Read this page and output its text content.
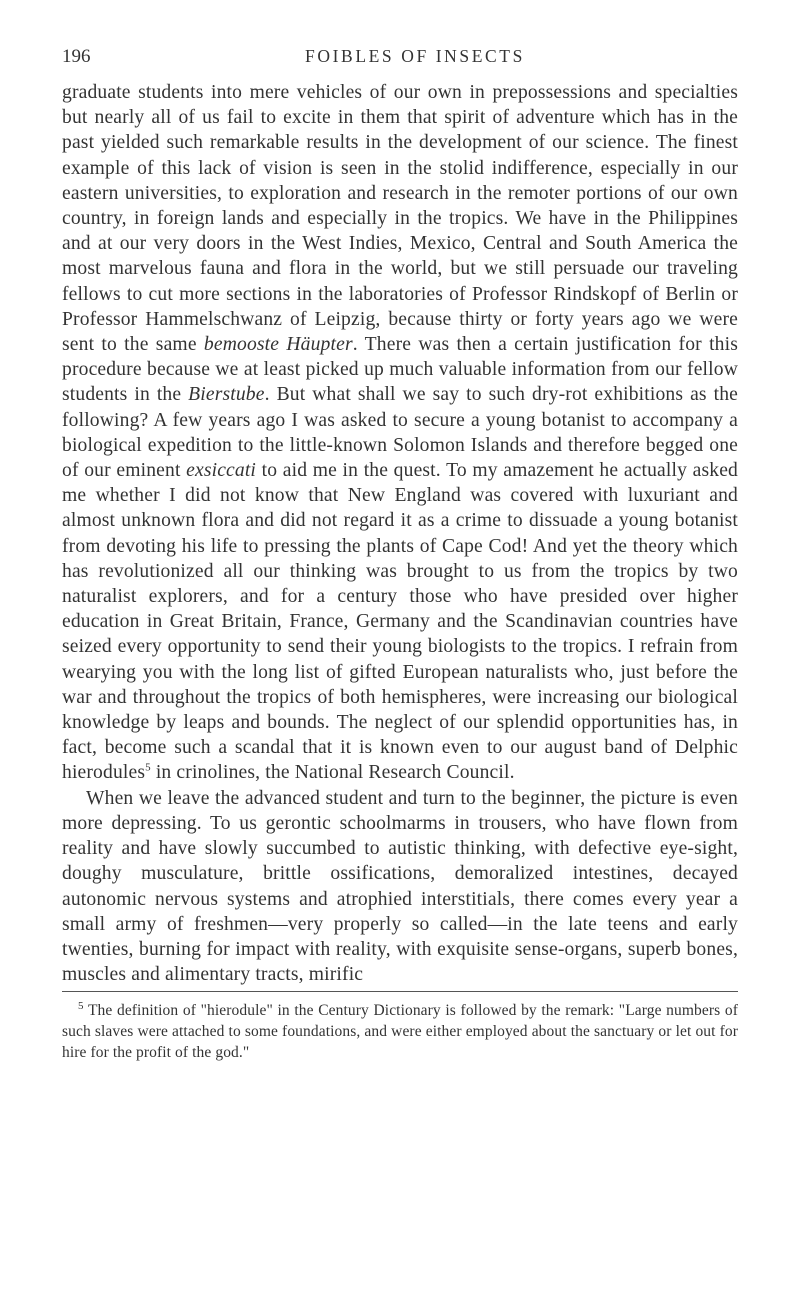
196	FOIBLES OF INSECTS

graduate students into mere vehicles of our own in prepossessions and specialties but nearly all of us fail to excite in them that spirit of adventure which has in the past yielded such remarkable results in the development of our science. The finest example of this lack of vision is seen in the stolid indifference, especially in our eastern universities, to exploration and research in the remoter portions of our own country, in foreign lands and especially in the tropics. We have in the Philippines and at our very doors in the West Indies, Mexico, Central and South America the most marvelous fauna and flora in the world, but we still persuade our traveling fellows to cut more sections in the laboratories of Professor Rindskopf of Berlin or Professor Hammelschwanz of Leipzig, because thirty or forty years ago we were sent to the same bemooste Häupter. There was then a certain justification for this procedure because we at least picked up much valuable information from our fellow students in the Bierstube. But what shall we say to such dry-rot exhibitions as the following? A few years ago I was asked to secure a young botanist to accompany a biological expedition to the little-known Solomon Islands and therefore begged one of our eminent exsiccati to aid me in the quest. To my amazement he actually asked me whether I did not know that New England was covered with luxuriant and almost unknown flora and did not regard it as a crime to dissuade a young botanist from devoting his life to pressing the plants of Cape Cod! And yet the theory which has revolutionized all our thinking was brought to us from the tropics by two naturalist explorers, and for a century those who have presided over higher education in Great Britain, France, Germany and the Scandinavian countries have seized every opportunity to send their young biologists to the tropics. I refrain from wearying you with the long list of gifted European naturalists who, just before the war and throughout the tropics of both hemispheres, were increasing our biological knowledge by leaps and bounds. The neglect of our splendid opportunities has, in fact, become such a scandal that it is known even to our august band of Delphic hierodules$^5$ in crinolines, the National Research Council.

When we leave the advanced student and turn to the beginner, the picture is even more depressing. To us gerontic schoolmarms in trousers, who have flown from reality and have slowly succumbed to autistic thinking, with defective eye-sight, doughy musculature, brittle ossifications, demoralized intestines, decayed autonomic nervous systems and atrophied interstitials, there comes every year a small army of freshmen—very properly so called—in the late teens and early twenties, burning for impact with reality, with exquisite sense-organs, superb bones, muscles and alimentary tracts, mirific

$^5$ The definition of "hierodule" in the Century Dictionary is followed by the remark: "Large numbers of such slaves were attached to some foundations, and were either employed about the sanctuary or let out for hire for the profit of the god."
